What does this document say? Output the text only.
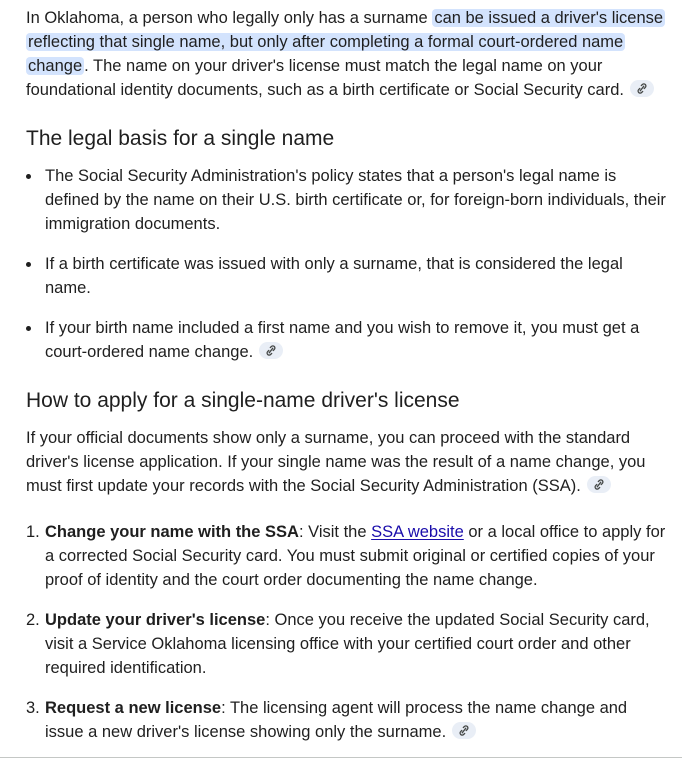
In Oklahoma, a person who legally only has a surname can be issued a driver's license reflecting that single name, but only after completing a formal court-ordered name change . The name on your driver's license must match the legal name on your foundational identity documents, such as a birth certificate or Social Security card.

The legal basis for a single name
The Social Security Administration's policy states that a person's legal name is defined by the name on their U.S. birth certificate or, for foreign-born individuals, their immigration documents.
If a birth certificate was issued with only a surname, that is considered the legal name.
If your birth name included a first name and you wish to remove it, you must get a court-ordered name change.
How to apply for a single-name driver's license

If your official documents show only a surname, you can proceed with the standard driver's license application. If your single name was the result of a name change, you must first update your records with the Social Security Administration (SSA).

1. Change your name with the SSA: Visit the SSA website or a local office to apply for a corrected Social Security card. You must submit original or certified copies of your proof of identity and the court order documenting the name change.
2. Update your driver's license: Once you receive the updated Social Security card, visit a Service Oklahoma licensing office with your certified court order and other required identification.
3. Request a new license: The licensing agent will process the name change and issue a new driver's license showing only the surname.
